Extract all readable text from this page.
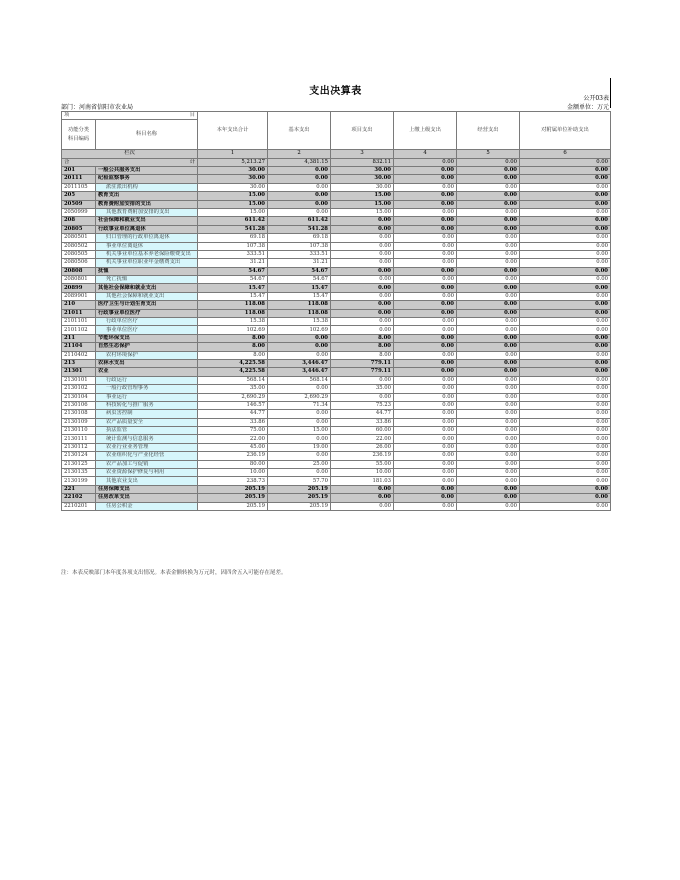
支出决算表
公开03表
部门：河南省信阳市农业局	金额单位：万元
项 目		本年支出合计	基本支出	项目支出	上缴上级支出	经营支出	对附属单位补助支出
功能分类
科目编码	科目名称						
栏次		1	2	3	4	5	6
合 计		5,213.27	4,381.15	832.11	0.00	0.00	0.00
201	一般公共服务支出	30.00	0.00	30.00	0.00	0.00	0.00
20111	纪检监察事务	30.00	0.00	30.00	0.00	0.00	0.00
2011105	派驻派出机构	30.00	0.00	30.00	0.00	0.00	0.00
205	教育支出	15.00	0.00	15.00	0.00	0.00	0.00
20509	教育费附加安排的支出	15.00	0.00	15.00	0.00	0.00	0.00
2050999	其他教育费附加安排的支出	15.00	0.00	15.00	0.00	0.00	0.00
208	社会保障和就业支出	611.42	611.42	0.00	0.00	0.00	0.00
20805	行政事业单位离退休	541.28	541.28	0.00	0.00	0.00	0.00
2080501	归口管理的行政单位离退休	69.18	69.18	0.00	0.00	0.00	0.00
2080502	事业单位离退休	107.38	107.38	0.00	0.00	0.00	0.00
2080505	机关事业单位基本养老保险缴费支出	333.51	333.51	0.00	0.00	0.00	0.00
2080506	机关事业单位职业年金缴费支出	31.21	31.21	0.00	0.00	0.00	0.00
20808	抚恤	54.67	54.67	0.00	0.00	0.00	0.00
2080801	死亡抚恤	54.67	54.67	0.00	0.00	0.00	0.00
20899	其他社会保障和就业支出	15.47	15.47	0.00	0.00	0.00	0.00
2089901	其他社会保障和就业支出	15.47	15.47	0.00	0.00	0.00	0.00
210	医疗卫生与计划生育支出	118.08	118.08	0.00	0.00	0.00	0.00
21011	行政事业单位医疗	118.08	118.08	0.00	0.00	0.00	0.00
2101101	行政单位医疗	15.38	15.38	0.00	0.00	0.00	0.00
2101102	事业单位医疗	102.69	102.69	0.00	0.00	0.00	0.00
211	节能环保支出	8.00	0.00	8.00	0.00	0.00	0.00
21104	自然生态保护	8.00	0.00	8.00	0.00	0.00	0.00
2110402	农村环境保护	8.00	0.00	8.00	0.00	0.00	0.00
213	农林水支出	4,225.58	3,446.47	779.11	0.00	0.00	0.00
21301	农业	4,225.58	3,446.47	779.11	0.00	0.00	0.00
2130101	行政运行	568.14	568.14	0.00	0.00	0.00	0.00
2130102	一般行政管理事务	35.00	0.00	35.00	0.00	0.00	0.00
2130104	事业运行	2,690.29	2,690.29	0.00	0.00	0.00	0.00
2130106	科技转化与推广服务	146.57	71.34	75.23	0.00	0.00	0.00
2130108	病虫害控制	44.77	0.00	44.77	0.00	0.00	0.00
2130109	农产品质量安全	33.86	0.00	33.86	0.00	0.00	0.00
2130110	执法监管	75.00	15.00	60.00	0.00	0.00	0.00
2130111	统计监测与信息服务	22.00	0.00	22.00	0.00	0.00	0.00
2130112	农业行业业务管理	45.00	19.00	26.00	0.00	0.00	0.00
2130124	农业组织化与产业化经营	236.19	0.00	236.19	0.00	0.00	0.00
2130125	农产品加工与促销	80.00	25.00	55.00	0.00	0.00	0.00
2130135	农业资源保护修复与利用	10.00	0.00	10.00	0.00	0.00	0.00
2130199	其他农业支出	238.73	57.70	181.03	0.00	0.00	0.00
221	住房保障支出	205.19	205.19	0.00	0.00	0.00	0.00
22102	住房改革支出	205.19	205.19	0.00	0.00	0.00	0.00
2210201	住房公积金	205.19	205.19	0.00	0.00	0.00	0.00
注：本表反映部门本年度各项支出情况。本表金额转换为万元时，因四舍五入可能存在尾差。
